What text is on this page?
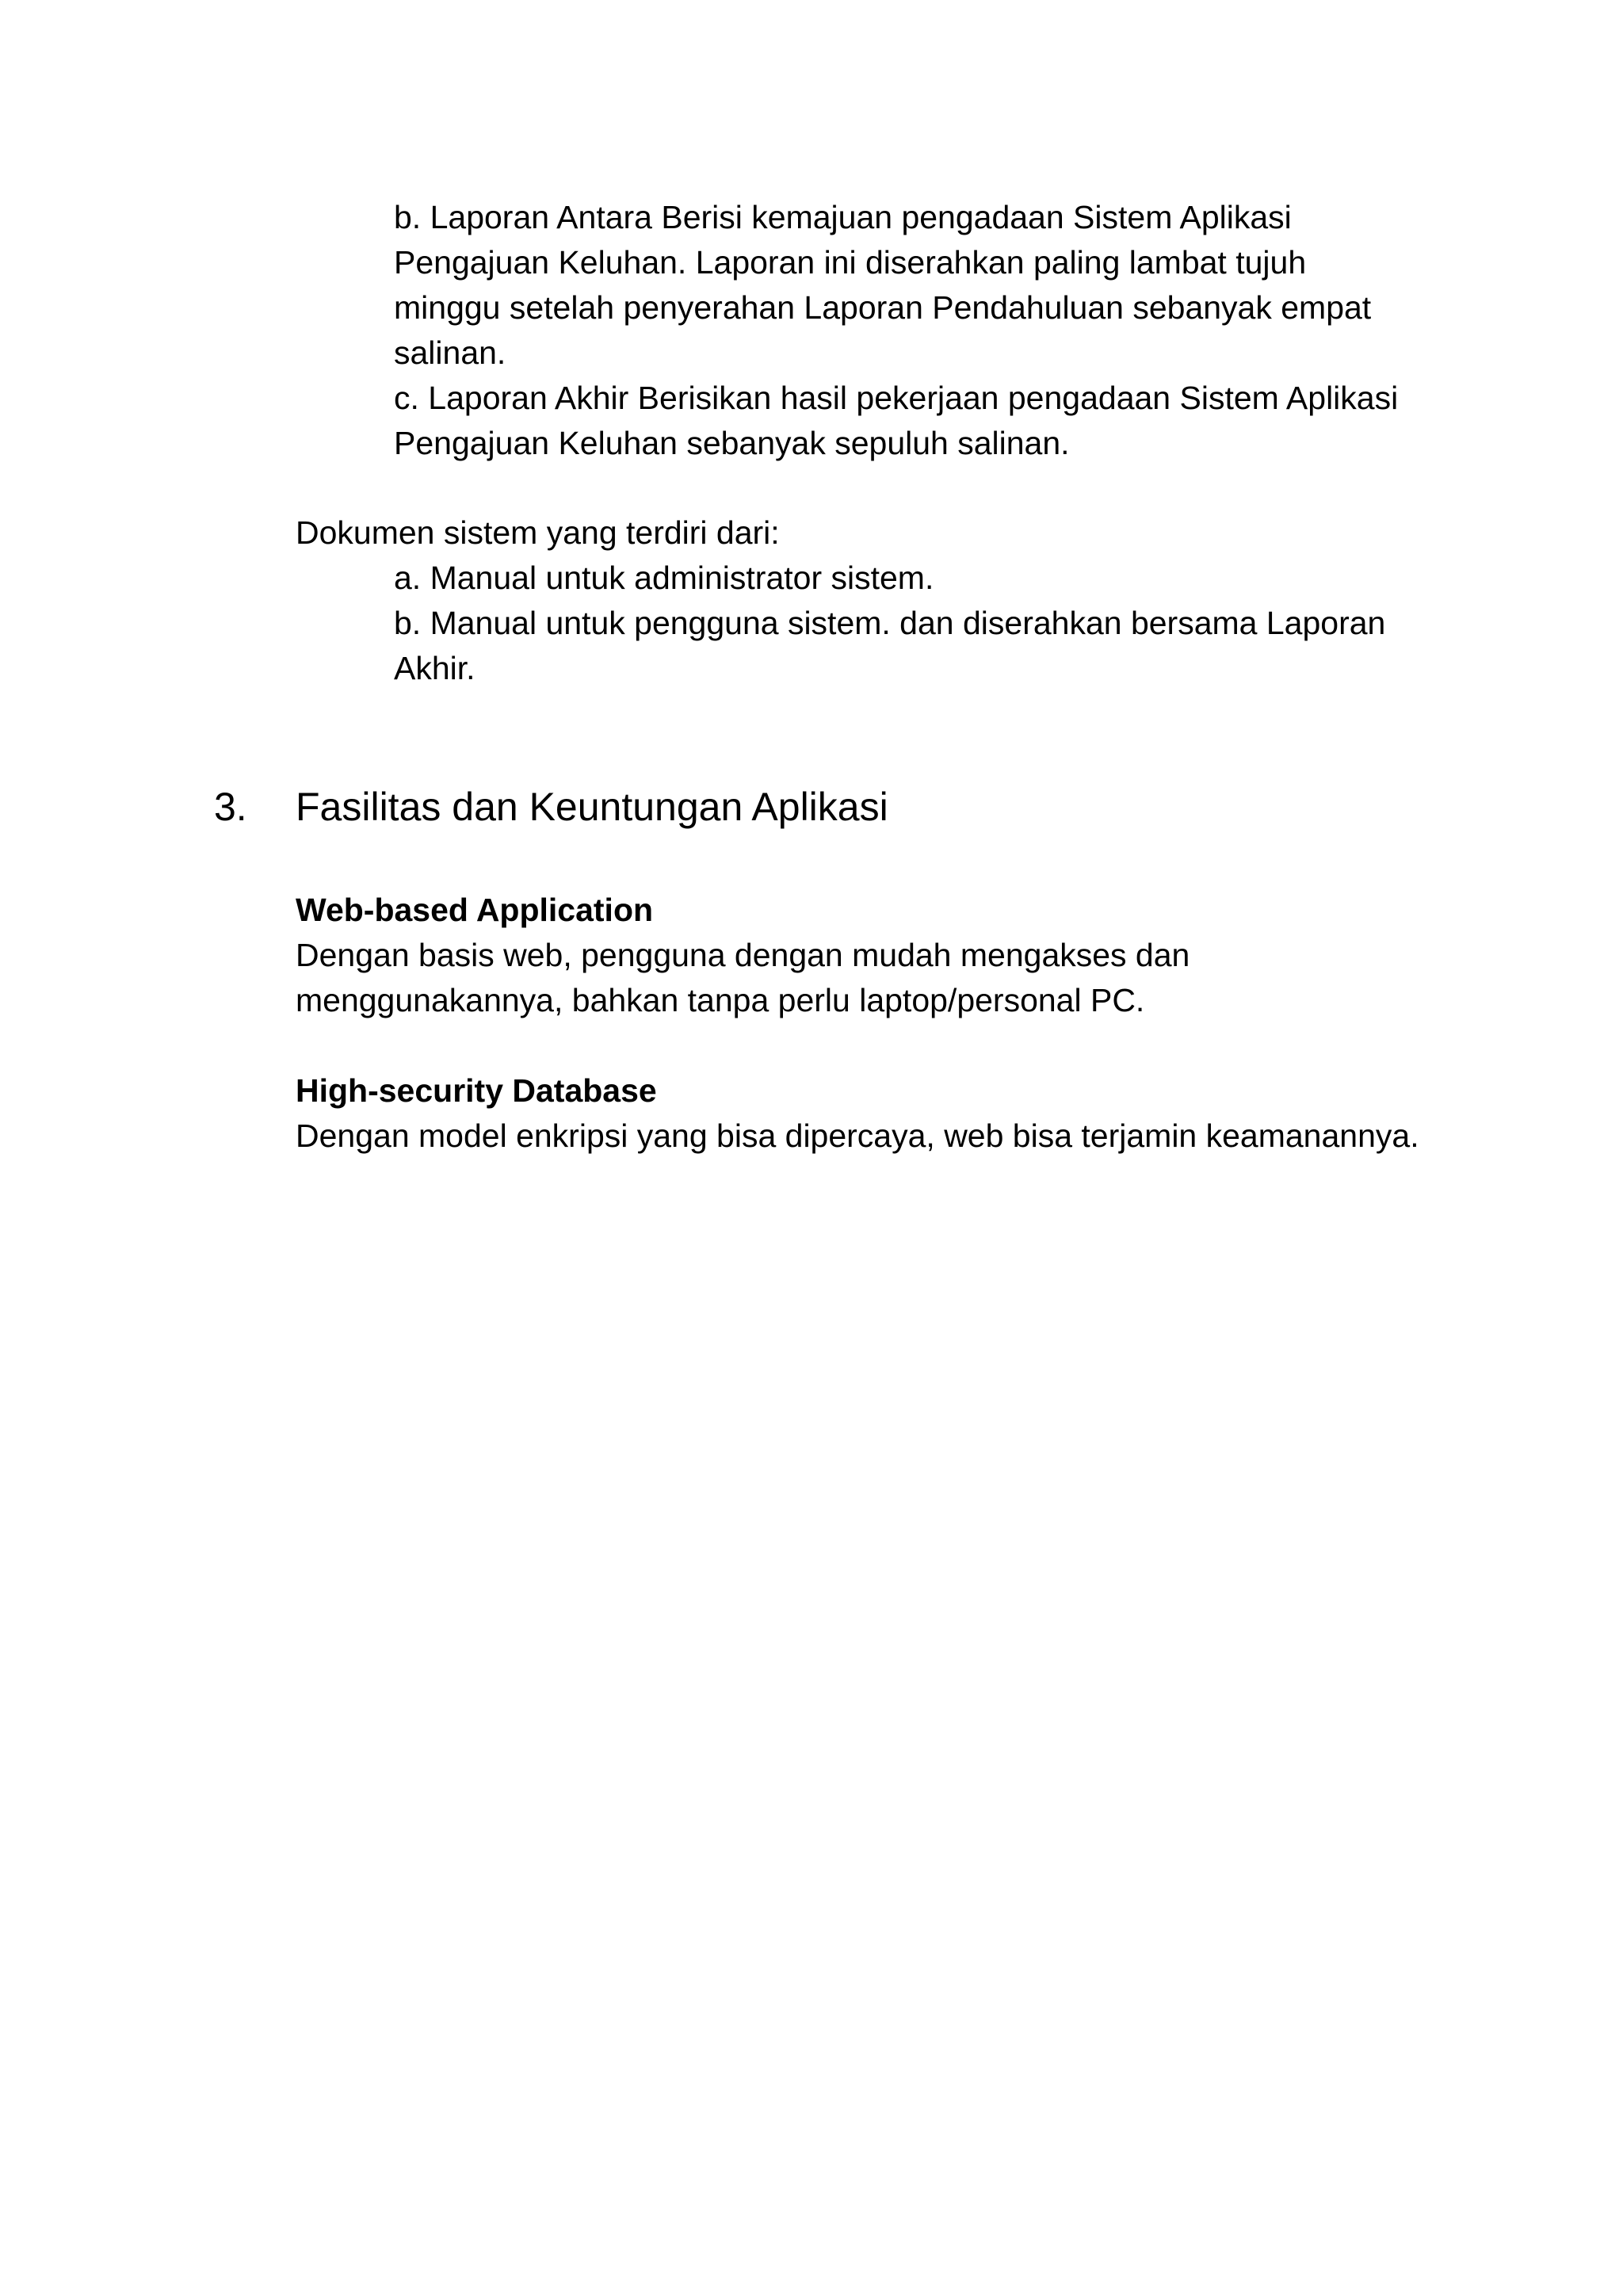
b. Laporan Antara Berisi kemajuan pengadaan Sistem Aplikasi
Pengajuan Keluhan. Laporan ini diserahkan paling lambat tujuh
minggu setelah penyerahan Laporan Pendahuluan sebanyak empat
salinan.
c. Laporan Akhir Berisikan hasil pekerjaan pengadaan Sistem Aplikasi
Pengajuan Keluhan sebanyak sepuluh salinan.
Dokumen sistem yang terdiri dari:
a. Manual untuk administrator sistem.
b. Manual untuk pengguna sistem. dan diserahkan bersama Laporan
Akhir.
3. Fasilitas dan Keuntungan Aplikasi
Web-based Application
Dengan basis web, pengguna dengan mudah mengakses dan
menggunakannya, bahkan tanpa perlu laptop/personal PC.
High-security Database
Dengan model enkripsi yang bisa dipercaya, web bisa terjamin keamanannya.
